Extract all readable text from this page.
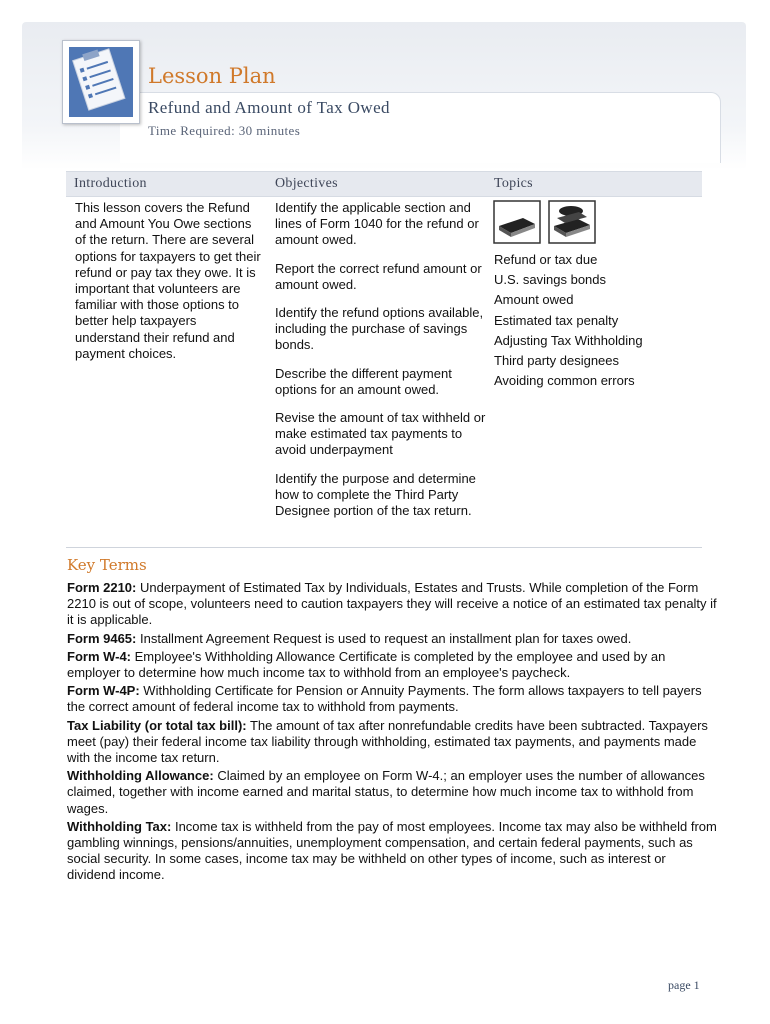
Lesson Plan
Refund and Amount of Tax Owed
Time Required: 30 minutes
Introduction	Objectives	Topics
This lesson covers the Refund and Amount You Owe sections of the return. There are several options for taxpayers to get their refund or pay tax they owe. It is important that volunteers are familiar with those options to better help taxpayers understand their refund and payment choices.

Identify the applicable section and lines of Form 1040 for the refund or amount owed.

Report the correct refund amount or amount owed.

Identify the refund options available, including the purchase of savings bonds.

Describe the different payment options for an amount owed.

Revise the amount of tax withheld or make estimated tax payments to avoid underpayment

Identify the purpose and determine how to complete the Third Party Designee portion of the tax return.

Refund or tax due
U.S. savings bonds
Amount owed
Estimated tax penalty
Adjusting Tax Withholding
Third party designees
Avoiding common errors
Key Terms

Form 2210: Underpayment of Estimated Tax by Individuals, Estates and Trusts. While completion of the Form 2210 is out of scope, volunteers need to caution taxpayers they will receive a notice of an estimated tax penalty if it is applicable.

Form 9465: Installment Agreement Request is used to request an installment plan for taxes owed.

Form W-4: Employee's Withholding Allowance Certificate is completed by the employee and used by an employer to determine how much income tax to withhold from an employee's paycheck.

Form W-4P: Withholding Certificate for Pension or Annuity Payments. The form allows taxpayers to tell payers the correct amount of federal income tax to withhold from payments.

Tax Liability (or total tax bill): The amount of tax after nonrefundable credits have been subtracted. Taxpayers meet (pay) their federal income tax liability through withholding, estimated tax payments, and payments made with the income tax return.

Withholding Allowance: Claimed by an employee on Form W-4.; an employer uses the number of allowances claimed, together with income earned and marital status, to determine how much income tax to withhold from wages.

Withholding Tax: Income tax is withheld from the pay of most employees. Income tax may also be withheld from gambling winnings, pensions/annuities, unemployment compensation, and certain federal payments, such as social security. In some cases, income tax may be withheld on other types of income, such as interest or dividend income.

page 1
